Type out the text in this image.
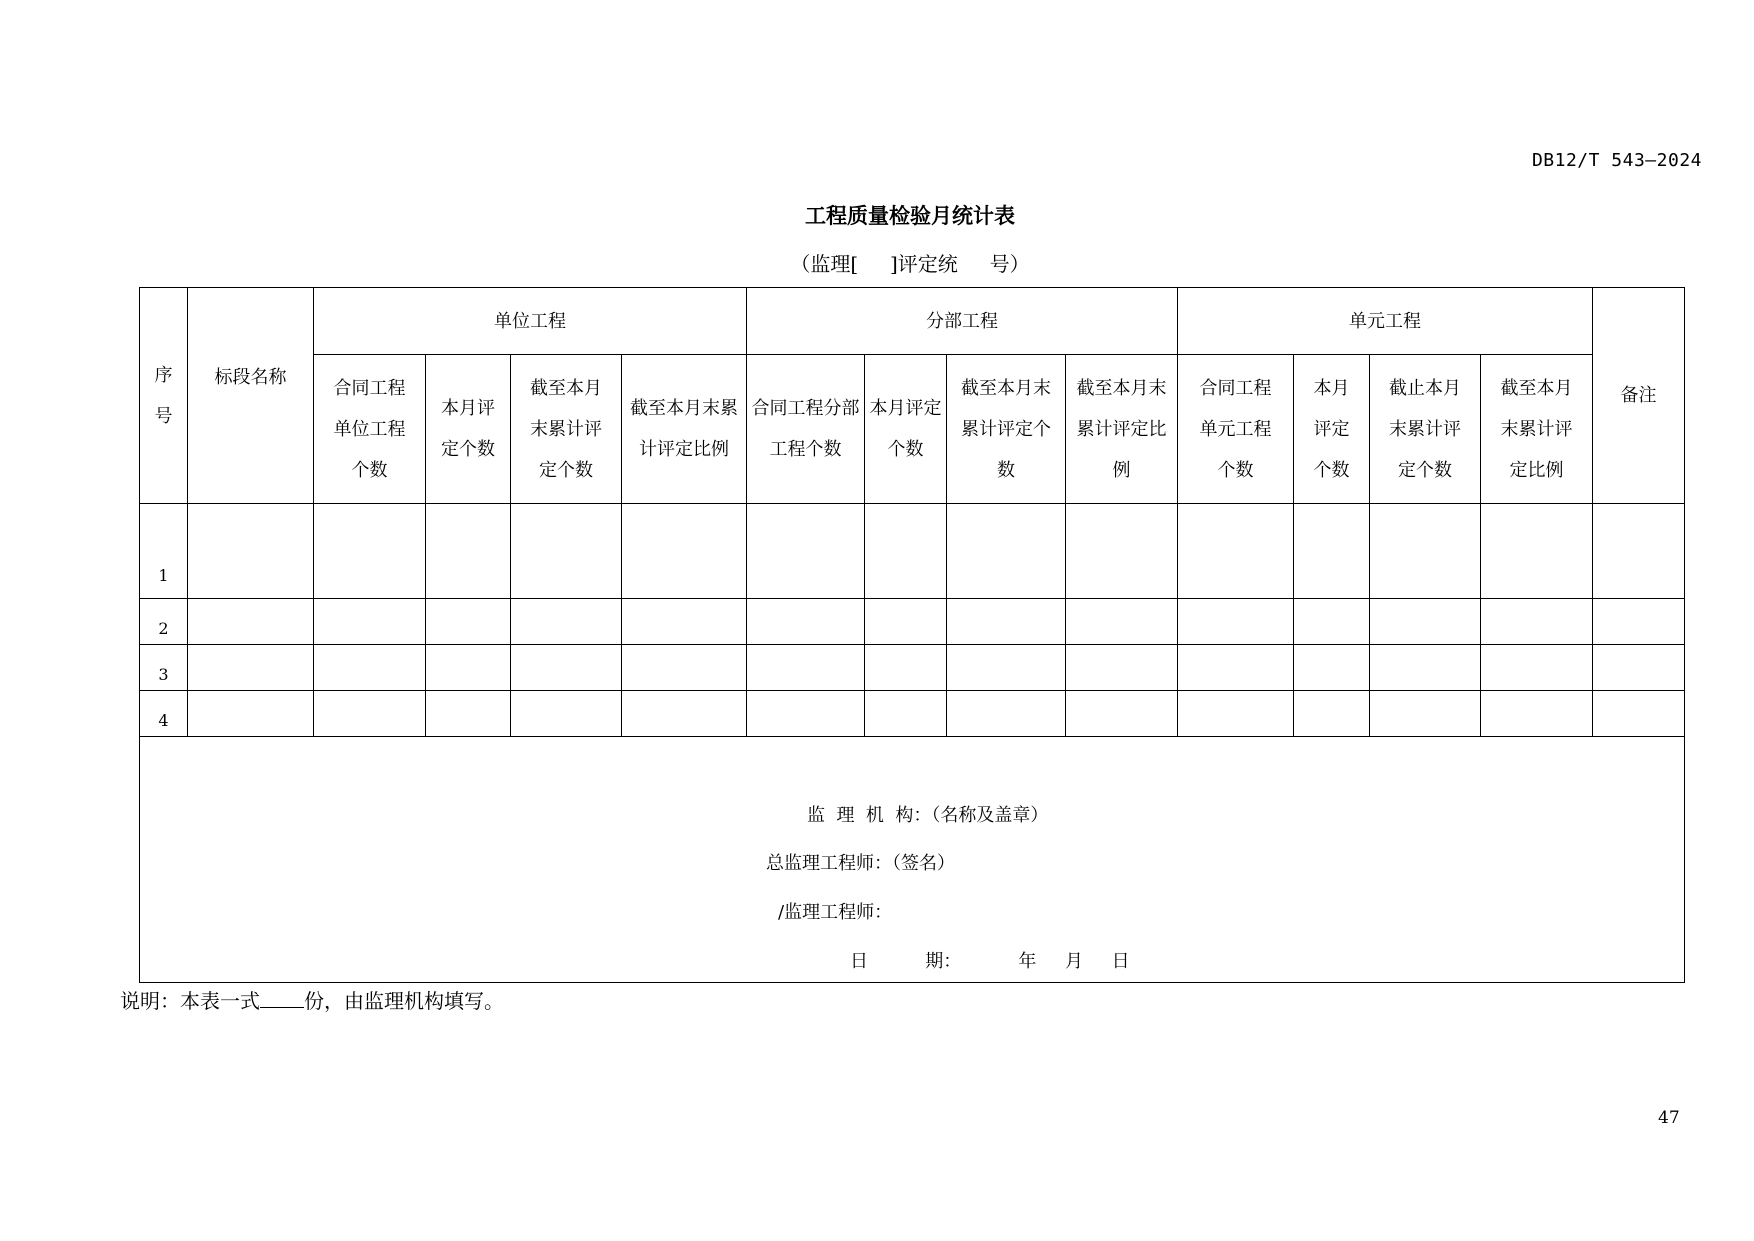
DB12/T 543—2024
工程质量检验月统计表
（监理[     ]评定统     号）
序号	标段名称	单位工程				分部工程				单元工程				备注
		合同工程单位工程个数	本月评定个数	截至本月末累计评定个数	截至本月末累计评定比例	合同工程分部工程个数	本月评定个数	截至本月末累计评定个数	截至本月末累计评定比例	合同工程单元工程个数	本月评定个数	截止本月末累计评定个数	截至本月末累计评定比例	
1														
2														
3														
4														

监  理  机  构：（名称及盖章）
总监理工程师：（签名）
/监理工程师：
日          期：          年     月     日														
说明：本表一式 份，由监理机构填写。
47
